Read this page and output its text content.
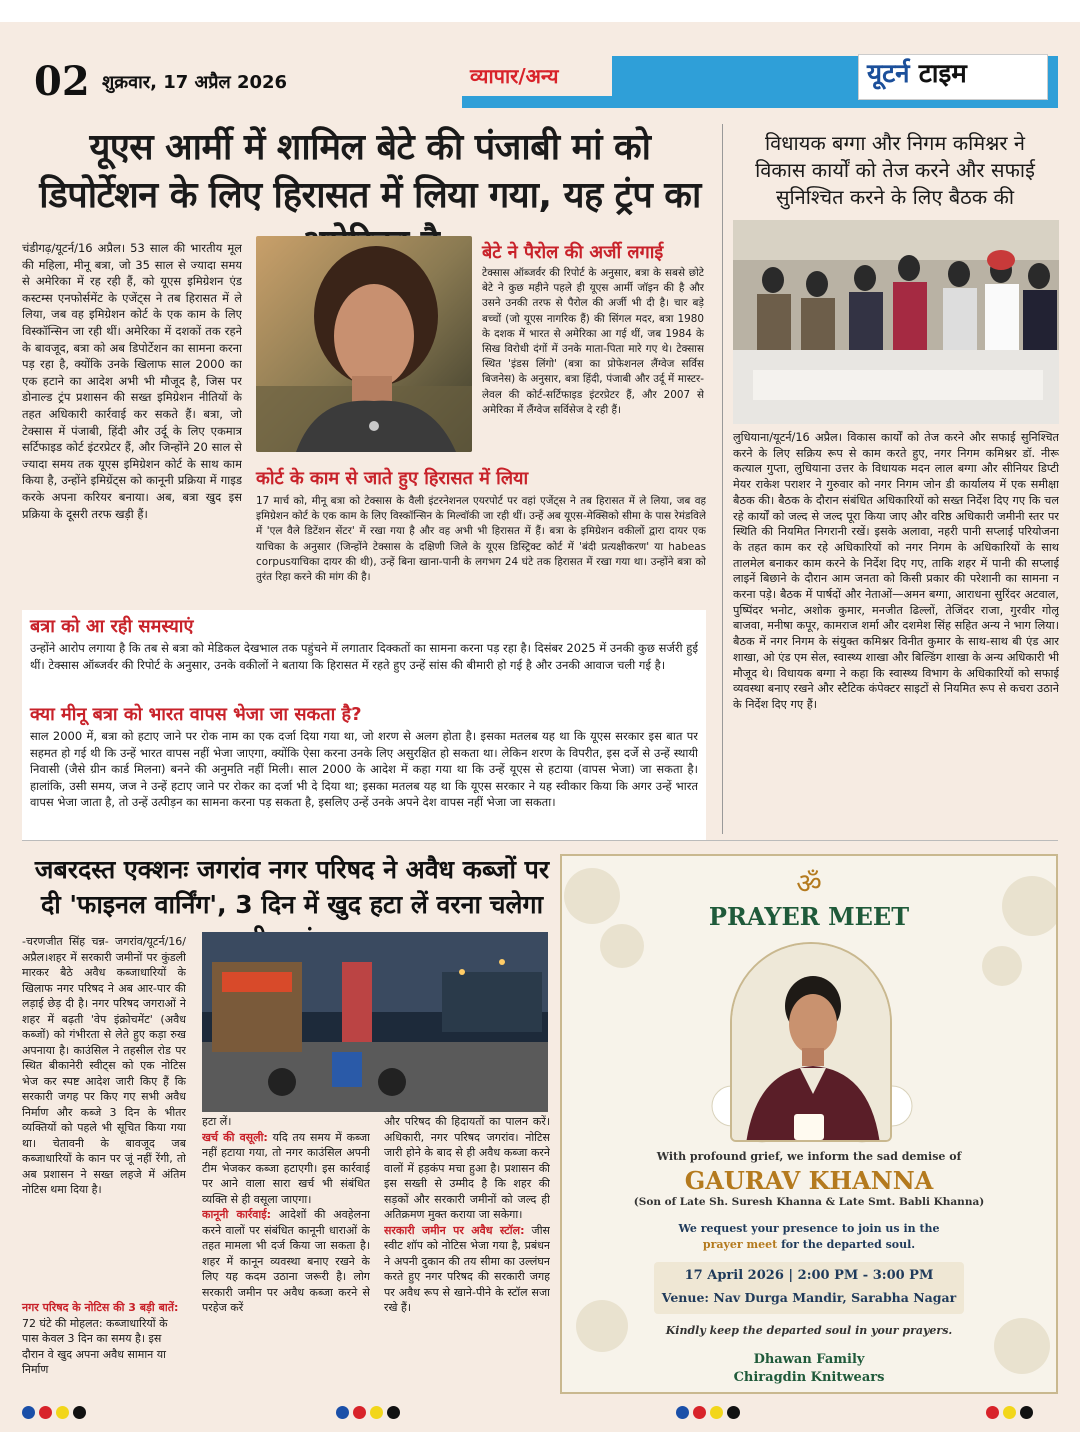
02 शुक्रवार, 17 अप्रैल 2026	व्यापार/अन्य	यूटर्न टाइम
यूएस आर्मी में शामिल बेटे की पंजाबी मां को डिपोर्टेशन के लिए हिरासत में लिया गया, यह ट्रंप का
विधायक बग्गा और निगम कमिश्नर ने विकास कार्यों को तेज करने और सफाई सुनिश्चित करने के लिए बैठक की
चंडीगढ़/यूटर्न/16 अप्रैल। 53 साल की भारतीय मूल की महिला, मीनू बत्रा, जो 35 साल से ज्यादा समय से अमेरिका में रह रही हैं, को यूएस इमिग्रेशन एंड कस्टम्स एनफोर्समेंट के एजेंट्स ने तब हिरासत में ले लिया, जब वह इमिग्रेशन कोर्ट के एक काम के लिए विस्कॉन्सिन जा रही थीं। अमेरिका में दशकों तक रहने के बावजूद, बत्रा को अब डिपोर्टेशन का सामना करना पड़ रहा है, क्योंकि उनके खिलाफ साल 2000 का एक हटाने का आदेश अभी भी मौजूद है, जिस पर डोनाल्ड ट्रंप प्रशासन की सख्त इमिग्रेशन नीतियों के तहत अधिकारी कार्रवाई कर सकते हैं। बत्रा, जो टेक्सास में पंजाबी, हिंदी और उर्दू के लिए एकमात्र सर्टिफाइड कोर्ट इंटरप्रेटर हैं, और जिन्होंने 20 साल से ज्यादा समय तक यूएस इमिग्रेशन कोर्ट के साथ काम किया है, उन्होंने इमिग्रेंट्स को कानूनी प्रक्रिया में गाइड करके अपना करियर बनाया। अब, बत्रा खुद इस प्रक्रिया के दूसरी तरफ खड़ी हैं।
बेटे ने पैरोल की अर्जी लगाई
टेक्सास ऑब्जर्वर की रिपोर्ट के अनुसार, बत्रा के सबसे छोटे बेटे ने कुछ महीने पहले ही यूएस आर्मी जॉइन की है और उसने उनकी तरफ से पैरोल की अर्जी भी दी है। चार बड़े बच्चों (जो यूएस नागरिक हैं) की सिंगल मदर, बत्रा 1980 के दशक में भारत से अमेरिका आ गई थीं, जब 1984 के सिख विरोधी दंगों में उनके माता-पिता मारे गए थे। टेक्सास स्थित 'इंडस लिंगो' (बत्रा का प्रोफेशनल लैंग्वेज सर्विस बिजनेस) के अनुसार, बत्रा हिंदी, पंजाबी और उर्दू में मास्टर-लेवल की कोर्ट-सर्टिफाइड इंटरप्रेटर हैं, और 2007 से अमेरिका में लैंग्वेज सर्विसेज दे रही हैं।
कोर्ट के काम से जाते हुए हिरासत में लिया
17 मार्च को, मीनू बत्रा को टेक्सास के वैली इंटरनेशनल एयरपोर्ट पर वहां एजेंट्स ने तब हिरासत में ले लिया, जब वह इमिग्रेशन कोर्ट के एक काम के लिए विस्कॉन्सिन के मिल्वॉकी जा रही थीं। उन्हें अब यूएस-मेक्सिको सीमा के पास रेमंडविले में 'एल वैले डिटेंशन सेंटर' में रखा गया है और वह अभी भी हिरासत में हैं। बत्रा के इमिग्रेशन वकीलों द्वारा दायर एक याचिका के अनुसार (जिन्होंने टेक्सास के दक्षिणी जिले के यूएस डिस्ट्रिक्ट कोर्ट में 'बंदी प्रत्यक्षीकरण' या habeas corpusयाचिका दायर की थी), उन्हें बिना खाना-पानी के लगभग 24 घंटे तक हिरासत में रखा गया था। उन्होंने बत्रा को तुरंत रिहा करने की मांग की है।
बत्रा को आ रही समस्याएं
उन्होंने आरोप लगाया है कि तब से बत्रा को मेडिकल देखभाल तक पहुंचने में लगातार दिक्कतों का सामना करना पड़ रहा है। दिसंबर 2025 में उनकी कुछ सर्जरी हुई थीं। टेक्सास ऑब्जर्वर की रिपोर्ट के अनुसार, उनके वकीलों ने बताया कि हिरासत में रहते हुए उन्हें सांस की बीमारी हो गई है और उनकी आवाज चली गई है।
क्या मीनू बत्रा को भारत वापस भेजा जा सकता है?
साल 2000 में, बत्रा को हटाए जाने पर रोक नाम का एक दर्जा दिया गया था, जो शरण से अलग होता है। इसका मतलब यह था कि यूएस सरकार इस बात पर सहमत हो गई थी कि उन्हें भारत वापस नहीं भेजा जाएगा, क्योंकि ऐसा करना उनके लिए असुरक्षित हो सकता था। लेकिन शरण के विपरीत, इस दर्जे से उन्हें स्थायी निवासी (जैसे ग्रीन कार्ड मिलना) बनने की अनुमति नहीं मिली। साल 2000 के आदेश में कहा गया था कि उन्हें यूएस से हटाया (वापस भेजा) जा सकता है। हालांकि, उसी समय, जज ने उन्हें हटाए जाने पर रोकर का दर्जा भी दे दिया था; इसका मतलब यह था कि यूएस सरकार ने यह स्वीकार किया कि अगर उन्हें भारत वापस भेजा जाता है, तो उन्हें उत्पीड़न का सामना करना पड़ सकता है, इसलिए उन्हें उनके अपने देश वापस नहीं भेजा जा सकता।
लुधियाना/यूटर्न/16 अप्रैल। विकास कार्यों को तेज करने और सफाई सुनिश्चित करने के लिए सक्रिय रूप से काम करते हुए, नगर निगम कमिश्नर डॉ. नीरू कत्याल गुप्ता, लुधियाना उत्तर के विधायक मदन लाल बग्गा और सीनियर डिप्टी मेयर राकेश पराशर ने गुरुवार को नगर निगम जोन डी कार्यालय में एक समीक्षा बैठक की। बैठक के दौरान संबंधित अधिकारियों को सख्त निर्देश दिए गए कि चल रहे कार्यों को जल्द से जल्द पूरा किया जाए और वरिष्ठ अधिकारी जमीनी स्तर पर स्थिति की नियमित निगरानी रखें। इसके अलावा, नहरी पानी सप्लाई परियोजना के तहत काम कर रहे अधिकारियों को नगर निगम के अधिकारियों के साथ तालमेल बनाकर काम करने के निर्देश दिए गए, ताकि शहर में पानी की सप्लाई लाइनें बिछाने के दौरान आम जनता को किसी प्रकार की परेशानी का सामना न करना पड़े। बैठक में पार्षदों और नेताओं—अमन बग्गा, आराधना सुरिंदर अटवाल, पुष्पिंदर भनोट, अशोक कुमार, मनजीत ढिल्लों, तेजिंदर राजा, गुरवीर गोलू बाजवा, मनीषा कपूर, कामराज शर्मा और दशमेश सिंह सहित अन्य ने भाग लिया। बैठक में नगर निगम के संयुक्त कमिश्नर विनीत कुमार के साथ-साथ बी एंड आर शाखा, ओ एंड एम सेल, स्वास्थ्य शाखा और बिल्डिंग शाखा के अन्य अधिकारी भी मौजूद थे। विधायक बग्गा ने कहा कि स्वास्थ्य विभाग के अधिकारियों को सफाई व्यवस्था बनाए रखने और स्टैटिक कंपेक्टर साइटों से नियमित रूप से कचरा उठाने के निर्देश दिए गए हैं।
जबरदस्त एक्शनः जगरांव नगर परिषद ने अवैध कब्जों पर दी 'फाइनल वार्निंग', 3 दिन में खुद हटा लें वरना चलेगा
-चरणजीत सिंह चन्न- जगरांव/यूटर्न/16/अप्रैल।शहर में सरकारी जमीनों पर कुंडली मारकर बैठे अवैध कब्जाधारियों के खिलाफ नगर परिषद ने अब आर-पार की लड़ाई छेड़ दी है। नगर परिषद जगराओं ने शहर में बढ़ती 'वेप इंक्रोचमेंट' (अवैध कब्जों) को गंभीरता से लेते हुए कड़ा रुख अपनाया है। काउंसिल ने तहसील रोड पर स्थित बीकानेरी स्वीट्स को एक नोटिस भेज कर स्पष्ट आदेश जारी किए हैं कि सरकारी जगह पर किए गए सभी अवैध निर्माण और कब्जे 3 दिन के भीतर व्यक्तियों को पहले भी सूचित किया गया था। चेतावनी के बावजूद जब कब्जाधारियों के कान पर जूं नहीं रेंगी, तो अब प्रशासन ने सख्त लहजे में अंतिम नोटिस थमा दिया है।
नगर परिषद के नोटिस की 3 बड़ी बातें: 72 घंटे की मोहलत: कब्जाधारियों के पास केवल 3 दिन का समय है। इस दौरान वे खुद अपना अवैध सामान या निर्माण
हटा लें।
खर्च की वसूली: यदि तय समय में कब्जा नहीं हटाया गया, तो नगर काउंसिल अपनी टीम भेजकर कब्जा हटाएगी। इस कार्रवाई पर आने वाला सारा खर्च भी संबंधित व्यक्ति से ही वसूला जाएगा।
कानूनी कार्रवाई: आदेशों की अवहेलना करने वालों पर संबंधित कानूनी धाराओं के तहत मामला भी दर्ज किया जा सकता है। शहर में कानून व्यवस्था बनाए रखने के लिए यह कदम उठाना जरूरी है। लोग सरकारी जमीन पर अवैध कब्जा करने से परहेज करें
और परिषद की हिदायतों का पालन करें। अधिकारी, नगर परिषद जगरांव। नोटिस जारी होने के बाद से ही अवैध कब्जा करने वालों में हड़कंप मचा हुआ है। प्रशासन की इस सख्ती से उम्मीद है कि शहर की सड़कों और सरकारी जमीनों को जल्द ही अतिक्रमण मुक्त कराया जा सकेगा।
सरकारी जमीन पर अवैध स्टॉल: जीस स्वीट शॉप को नोटिस भेजा गया है, प्रबंधन ने अपनी दुकान की तय सीमा का उल्लंघन करते हुए नगर परिषद की सरकारी जगह पर अवैध रूप से खाने-पीने के स्टॉल सजा रखे हैं।
ॐ
PRAYER MEET
With profound grief, we inform the sad demise of
GAURAV KHANNA
(Son of Late Sh. Suresh Khanna & Late Smt. Babli Khanna)
We request your presence to join us in the
prayer meet for the departed soul.
17 April 2026 | 2:00 PM - 3:00 PM
Venue: Nav Durga Mandir, Sarabha Nagar
Kindly keep the departed soul in your prayers.
Dhawan Family
Chiragdin Knitwears
